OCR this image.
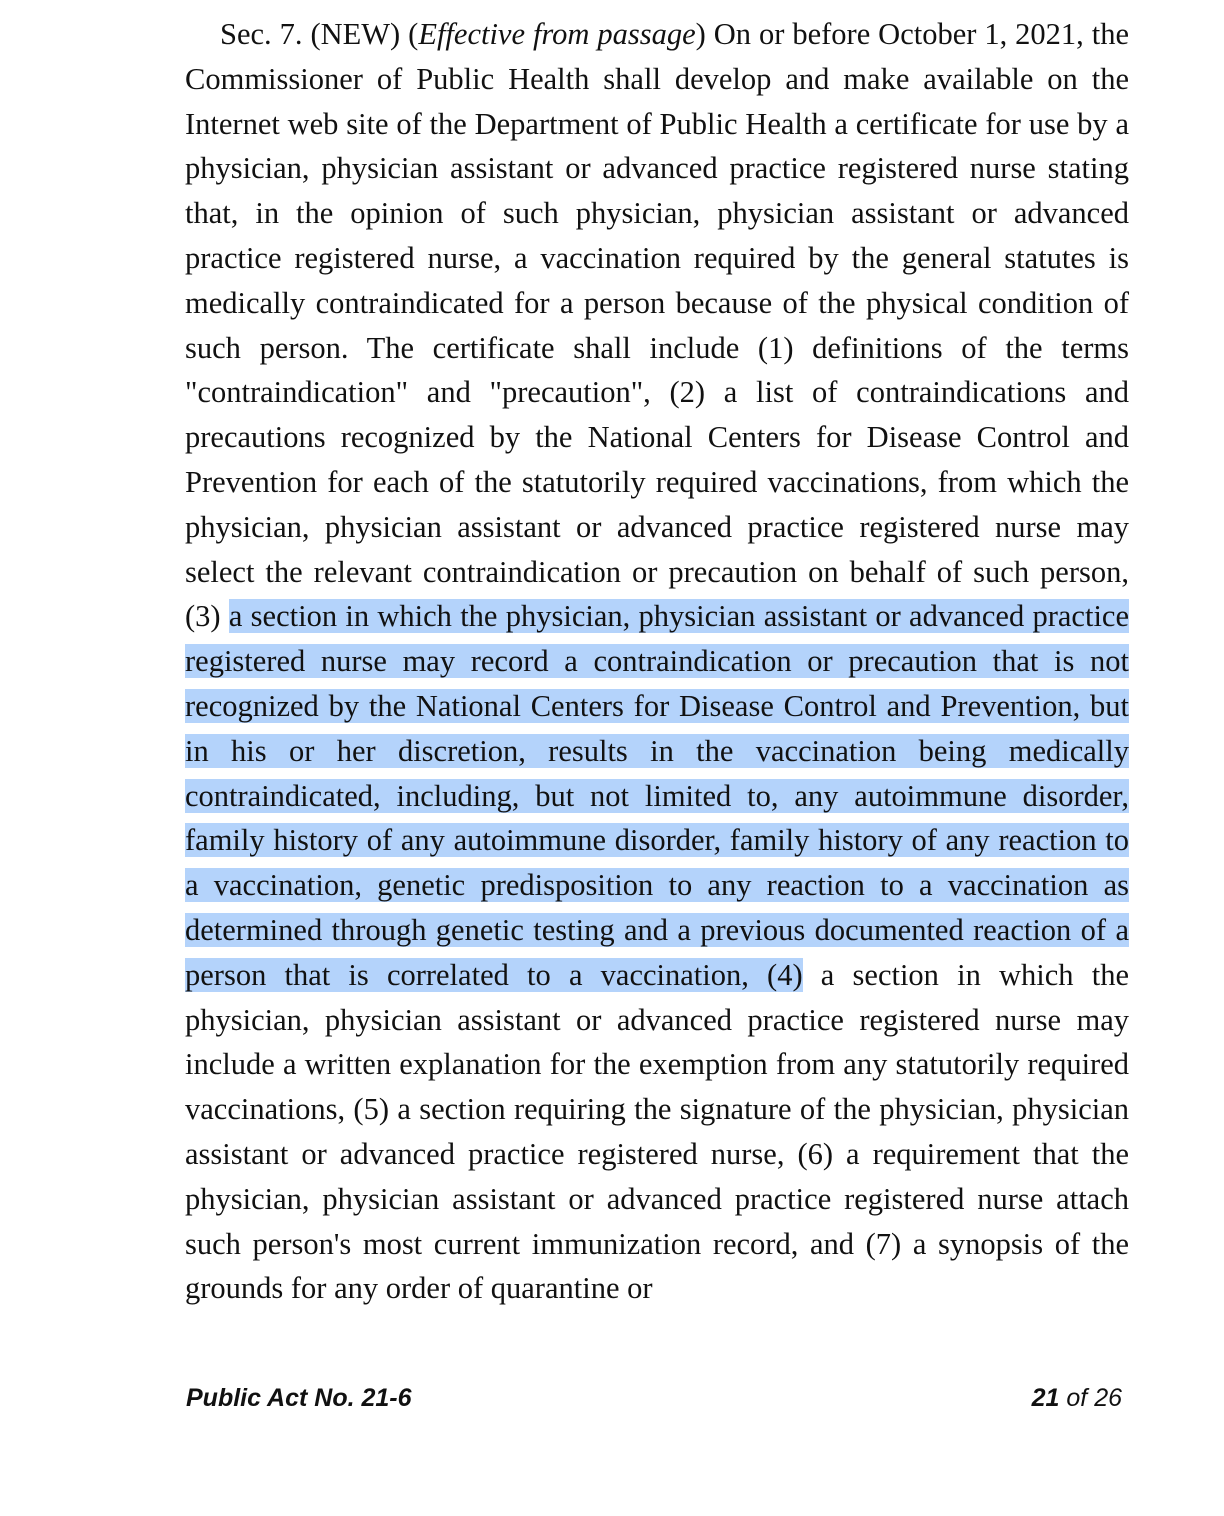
Sec. 7. (NEW) (Effective from passage) On or before October 1, 2021, the Commissioner of Public Health shall develop and make available on the Internet web site of the Department of Public Health a certificate for use by a physician, physician assistant or advanced practice registered nurse stating that, in the opinion of such physician, physician assistant or advanced practice registered nurse, a vaccination required by the general statutes is medically contraindicated for a person because of the physical condition of such person. The certificate shall include (1) definitions of the terms "contraindication" and "precaution", (2) a list of contraindications and precautions recognized by the National Centers for Disease Control and Prevention for each of the statutorily required vaccinations, from which the physician, physician assistant or advanced practice registered nurse may select the relevant contraindication or precaution on behalf of such person, (3) a section in which the physician, physician assistant or advanced practice registered nurse may record a contraindication or precaution that is not recognized by the National Centers for Disease Control and Prevention, but in his or her discretion, results in the vaccination being medically contraindicated, including, but not limited to, any autoimmune disorder, family history of any autoimmune disorder, family history of any reaction to a vaccination, genetic predisposition to any reaction to a vaccination as determined through genetic testing and a previous documented reaction of a person that is correlated to a vaccination, (4) a section in which the physician, physician assistant or advanced practice registered nurse may include a written explanation for the exemption from any statutorily required vaccinations, (5) a section requiring the signature of the physician, physician assistant or advanced practice registered nurse, (6) a requirement that the physician, physician assistant or advanced practice registered nurse attach such person's most current immunization record, and (7) a synopsis of the grounds for any order of quarantine or

Public Act No. 21-6	21 of 26
